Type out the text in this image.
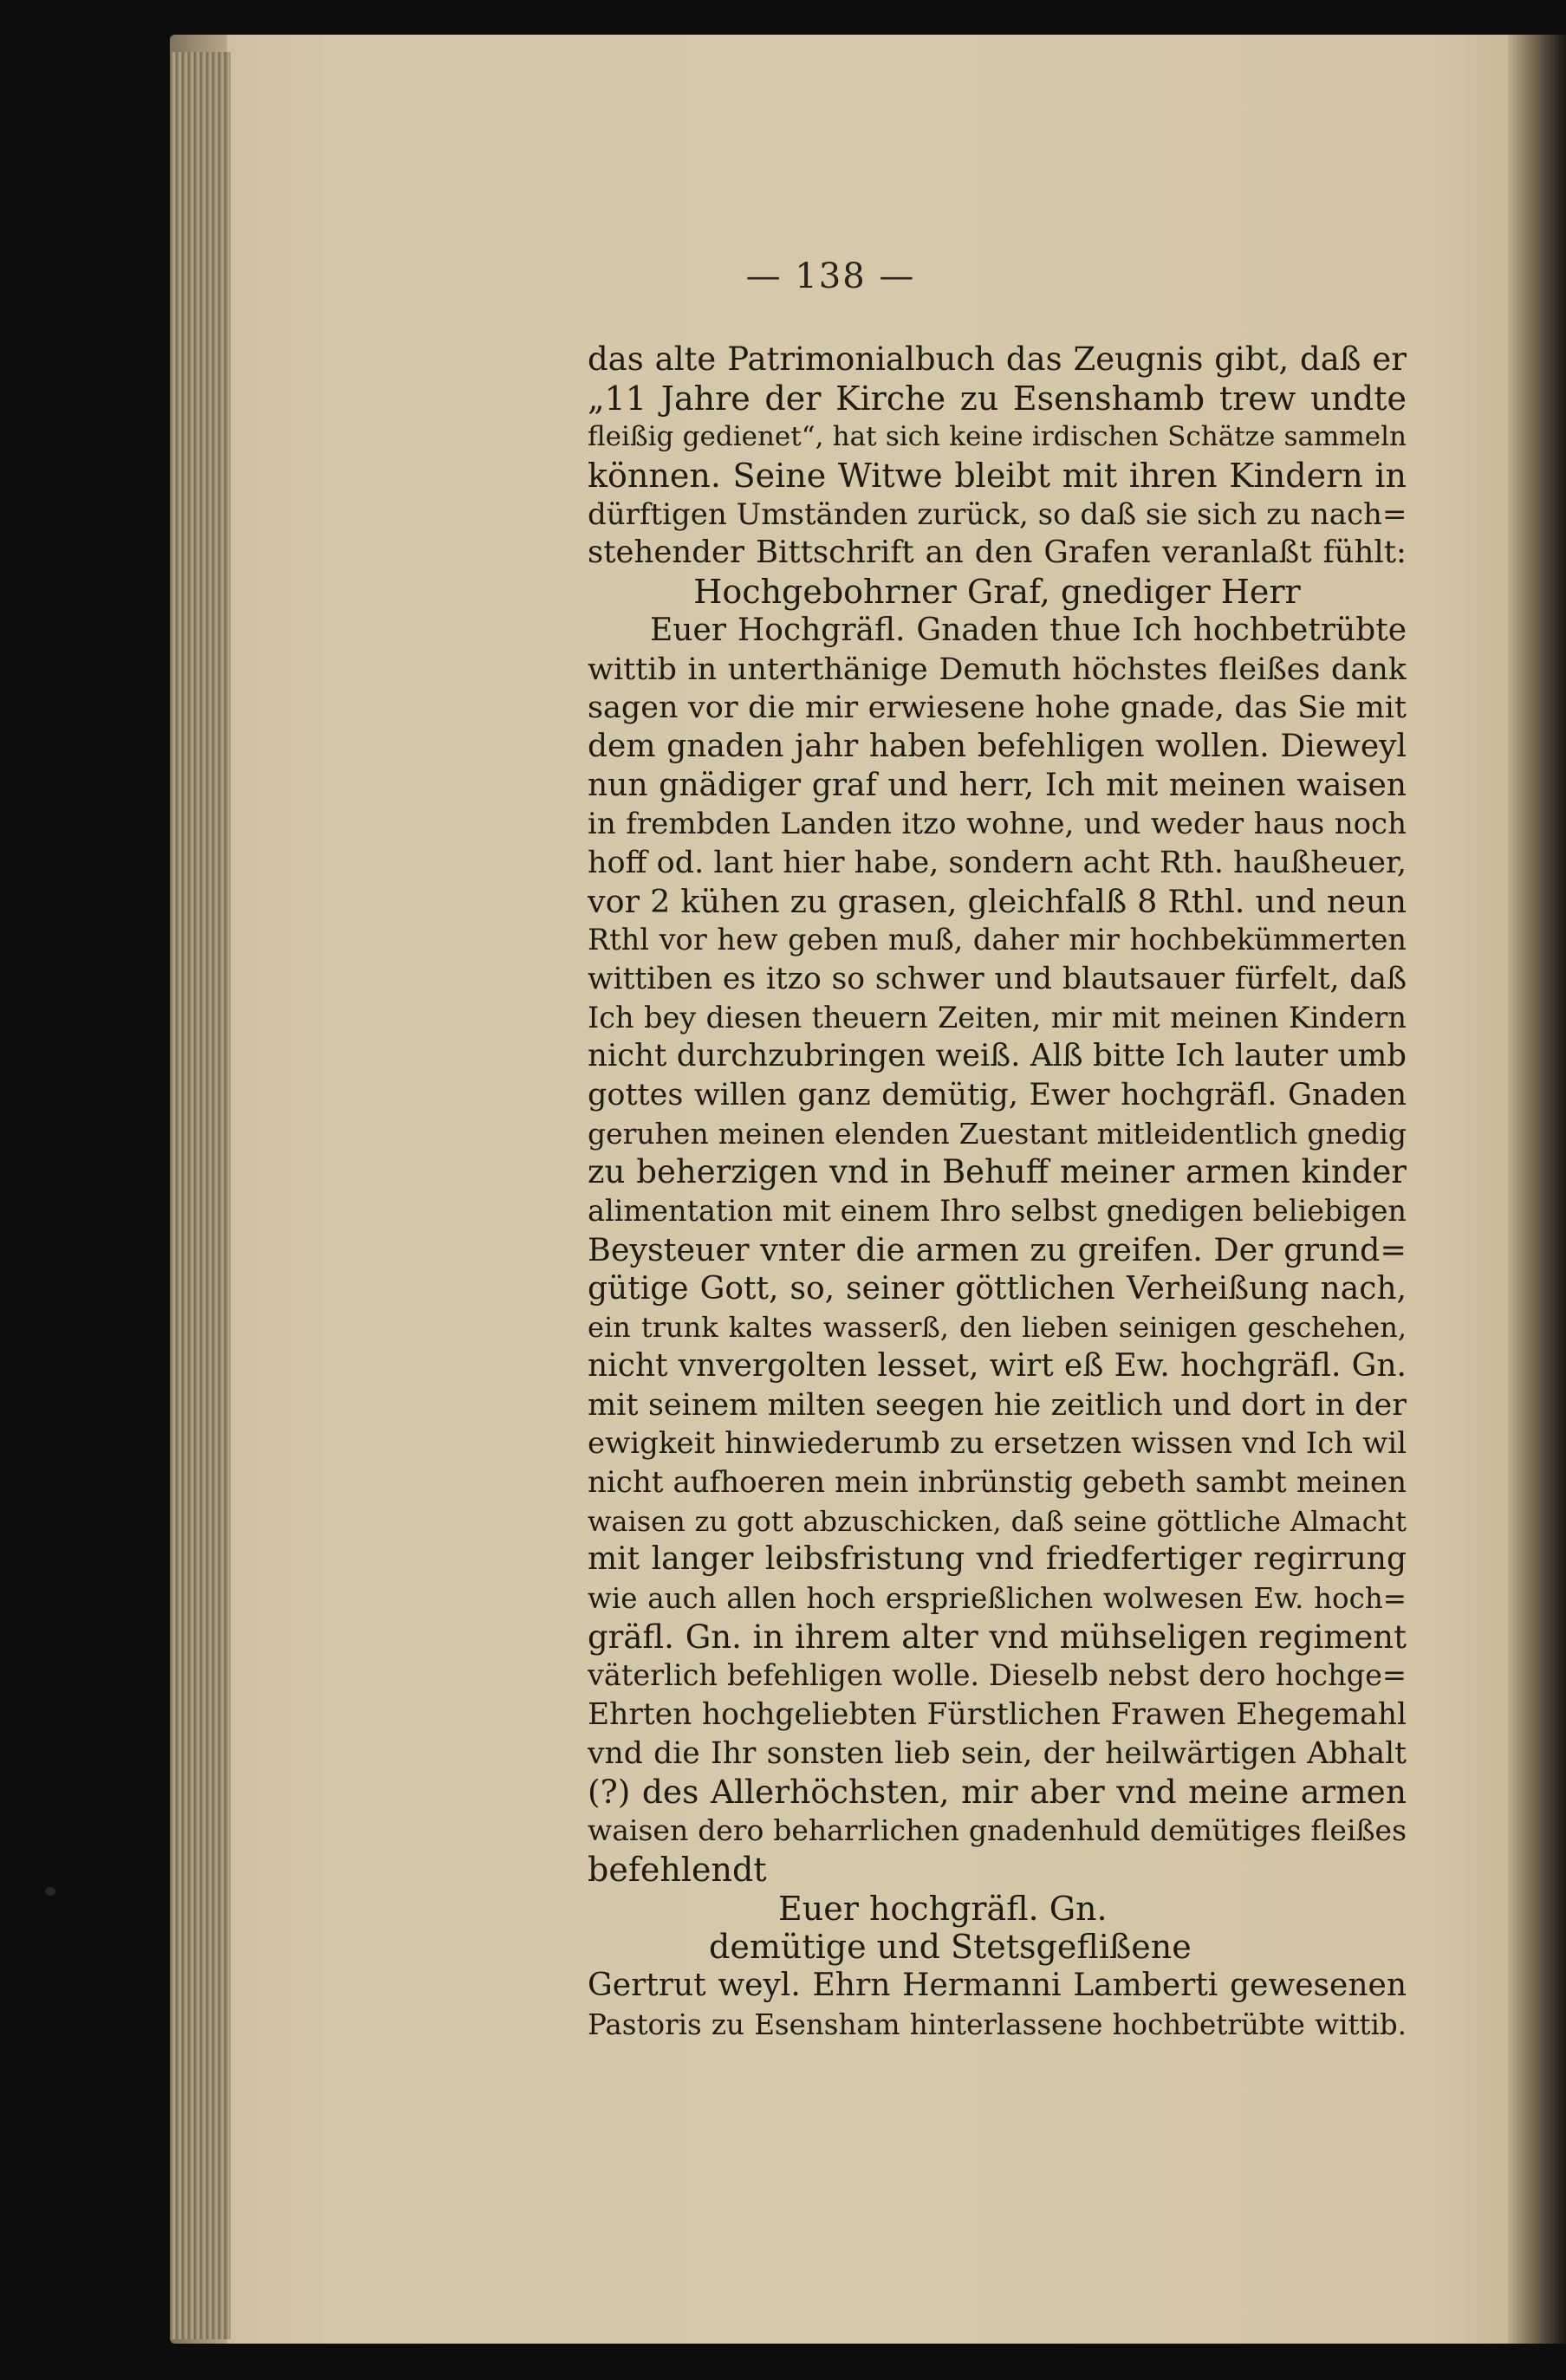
— 138 —
das alte Patrimonialbuch das Zeugnis gibt, daß er
„11 Jahre der Kirche zu Esenshamb trew undte
fleißig gedienet“, hat sich keine irdischen Schätze sammeln
können. Seine Witwe bleibt mit ihren Kindern in
dürftigen Umständen zurück, so daß sie sich zu nach=
stehender Bittschrift an den Grafen veranlaßt fühlt:
Hochgebohrner Graf, gnediger Herr
Euer Hochgräfl. Gnaden thue Ich hochbetrübte
wittib in unterthänige Demuth höchstes fleißes dank
sagen vor die mir erwiesene hohe gnade, das Sie mit
dem gnaden jahr haben befehligen wollen. Dieweyl
nun gnädiger graf und herr, Ich mit meinen waisen
in frembden Landen itzo wohne, und weder haus noch
hoff od. lant hier habe, sondern acht Rth. haußheuer,
vor 2 kühen zu grasen, gleichfalß 8 Rthl. und neun
Rthl vor hew geben muß, daher mir hochbekümmerten
wittiben es itzo so schwer und blautsauer fürfelt, daß
Ich bey diesen theuern Zeiten, mir mit meinen Kindern
nicht durchzubringen weiß. Alß bitte Ich lauter umb
gottes willen ganz demütig, Ewer hochgräfl. Gnaden
geruhen meinen elenden Zuestant mitleidentlich gnedig
zu beherzigen vnd in Behuff meiner armen kinder
alimentation mit einem Ihro selbst gnedigen beliebigen
Beysteuer vnter die armen zu greifen. Der grund=
gütige Gott, so, seiner göttlichen Verheißung nach,
ein trunk kaltes wasserß, den lieben seinigen geschehen,
nicht vnvergolten lesset, wirt eß Ew. hochgräfl. Gn.
mit seinem milten seegen hie zeitlich und dort in der
ewigkeit hinwiederumb zu ersetzen wissen vnd Ich wil
nicht aufhoeren mein inbrünstig gebeth sambt meinen
waisen zu gott abzuschicken, daß seine göttliche Almacht
mit langer leibsfristung vnd friedfertiger regirrung
wie auch allen hoch ersprießlichen wolwesen Ew. hoch=
gräfl. Gn. in ihrem alter vnd mühseligen regiment
väterlich befehligen wolle. Dieselb nebst dero hochge=
Ehrten hochgeliebten Fürstlichen Frawen Ehegemahl
vnd die Ihr sonsten lieb sein, der heilwärtigen Abhalt
(?) des Allerhöchsten, mir aber vnd meine armen
waisen dero beharrlichen gnadenhuld demütiges fleißes
befehlendt
Euer hochgräfl. Gn.
demütige und Stetsgeflißene
Gertrut weyl. Ehrn Hermanni Lamberti gewesenen
Pastoris zu Esensham hinterlassene hochbetrübte wittib.
